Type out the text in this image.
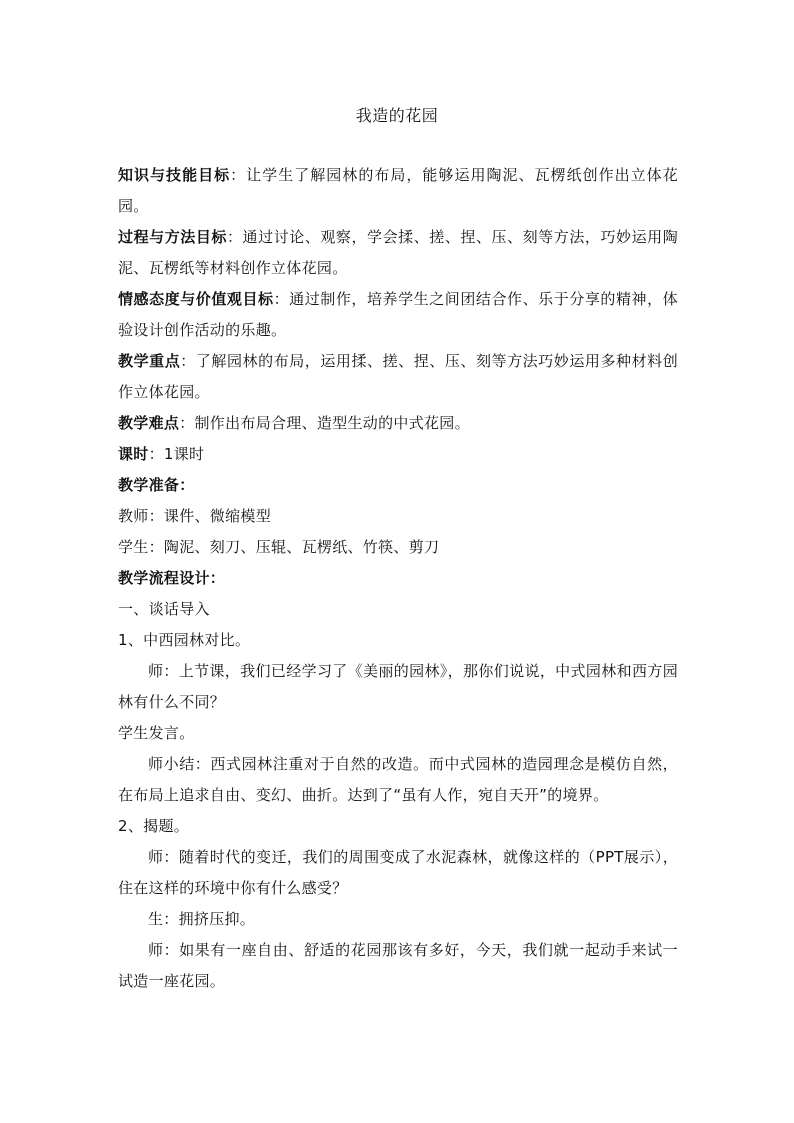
我造的花园

知识与技能目标：让学生了解园林的布局，能够运用陶泥、瓦楞纸创作出立体花园。

过程与方法目标：通过讨论、观察，学会揉、搓、捏、压、刻等方法，巧妙运用陶泥、瓦楞纸等材料创作立体花园。

情感态度与价值观目标：通过制作，培养学生之间团结合作、乐于分享的精神，体验设计创作活动的乐趣。

教学重点：了解园林的布局，运用揉、搓、捏、压、刻等方法巧妙运用多种材料创作立体花园。

教学难点：制作出布局合理、造型生动的中式花园。

课时：1课时

教学准备：

教师：课件、微缩模型

学生：陶泥、刻刀、压辊、瓦楞纸、竹筷、剪刀

教学流程设计：

一、谈话导入

1、中西园林对比。

师：上节课，我们已经学习了《美丽的园林》，那你们说说，中式园林和西方园林有什么不同？

学生发言。

师小结：西式园林注重对于自然的改造。而中式园林的造园理念是模仿自然，在布局上追求自由、变幻、曲折。达到了“虽有人作，宛自天开”的境界。

2、揭题。

师：随着时代的变迁，我们的周围变成了水泥森林，就像这样的（PPT展示），住在这样的环境中你有什么感受？

生：拥挤压抑。

师：如果有一座自由、舒适的花园那该有多好，今天，我们就一起动手来试一试造一座花园。
